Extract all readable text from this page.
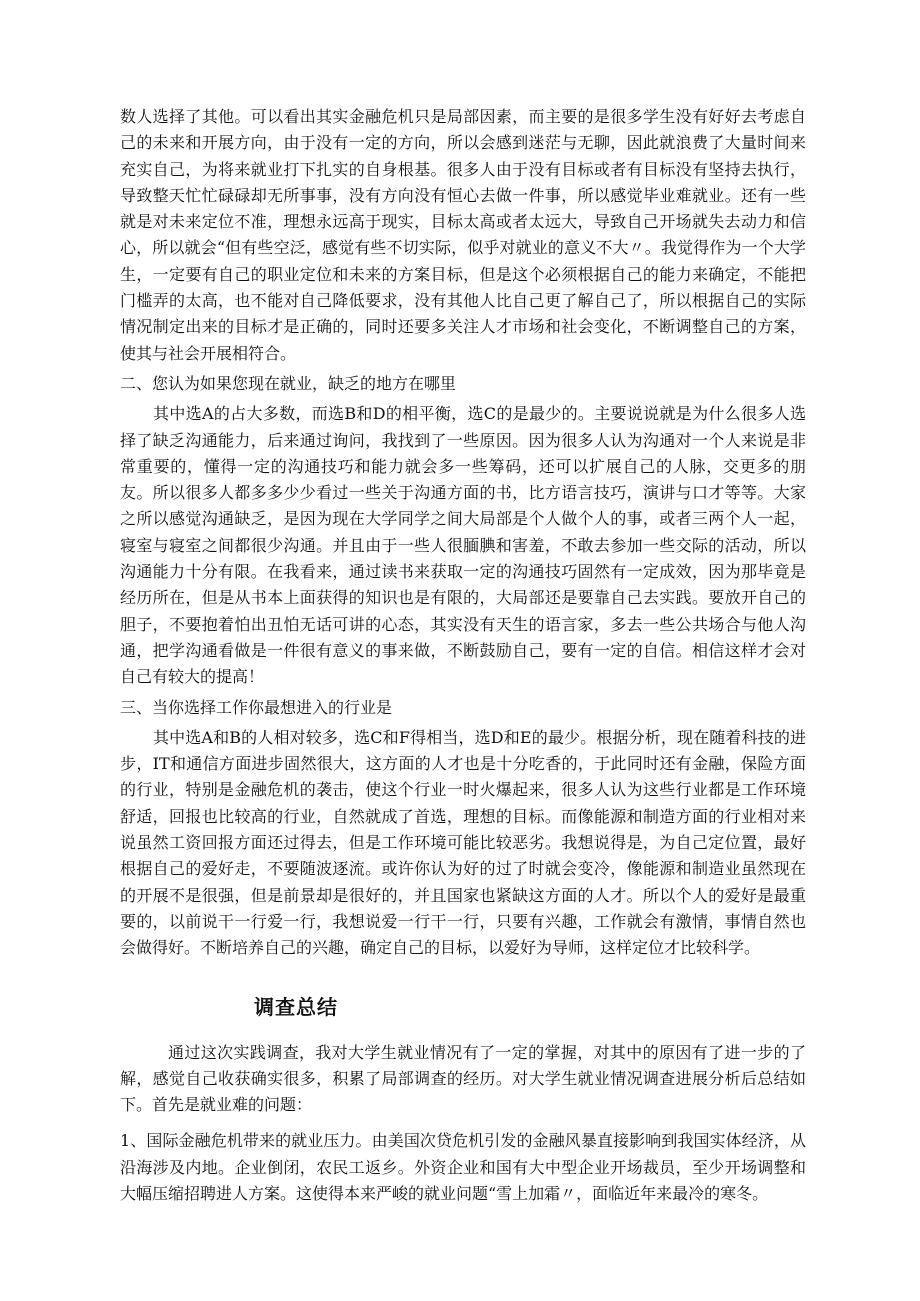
数人选择了其他。可以看出其实金融危机只是局部因素，而主要的是很多学生没有好好去考虑自己的未来和开展方向，由于没有一定的方向，所以会感到迷茫与无聊，因此就浪费了大量时间来充实自己，为将来就业打下扎实的自身根基。很多人由于没有目标或者有目标没有坚持去执行，导致整天忙忙碌碌却无所事事，没有方向没有恒心去做一件事，所以感觉毕业难就业。还有一些就是对未来定位不准，理想永远高于现实，目标太高或者太远大，导致自己开场就失去动力和信心，所以就会“但有些空泛，感觉有些不切实际，似乎对就业的意义不大〃。我觉得作为一个大学生，一定要有自己的职业定位和未来的方案目标，但是这个必须根据自己的能力来确定，不能把门槛弄的太高，也不能对自己降低要求，没有其他人比自己更了解自己了，所以根据自己的实际情况制定出来的目标才是正确的，同时还要多关注人才市场和社会变化，不断调整自己的方案，使其与社会开展相符合。

二、您认为如果您现在就业，缺乏的地方在哪里

其中选A的占大多数，而选B和D的相平衡，选C的是最少的。主要说说就是为什么很多人选择了缺乏沟通能力，后来通过询问，我找到了一些原因。因为很多人认为沟通对一个人来说是非常重要的，懂得一定的沟通技巧和能力就会多一些筹码，还可以扩展自己的人脉，交更多的朋友。所以很多人都多多少少看过一些关于沟通方面的书，比方语言技巧，演讲与口才等等。大家之所以感觉沟通缺乏，是因为现在大学同学之间大局部是个人做个人的事，或者三两个人一起，寝室与寝室之间都很少沟通。并且由于一些人很腼腆和害羞，不敢去参加一些交际的活动，所以沟通能力十分有限。在我看来，通过读书来获取一定的沟通技巧固然有一定成效，因为那毕竟是经历所在，但是从书本上面获得的知识也是有限的，大局部还是要靠自己去实践。要放开自己的胆子，不要抱着怕出丑怕无话可讲的心态，其实没有天生的语言家，多去一些公共场合与他人沟通，把学沟通看做是一件很有意义的事来做，不断鼓励自己，要有一定的自信。相信这样才会对自己有较大的提高！

三、当你选择工作你最想进入的行业是

其中选A和B的人相对较多，选C和F得相当，选D和E的最少。根据分析，现在随着科技的进步，IT和通信方面进步固然很大，这方面的人才也是十分吃香的，于此同时还有金融，保险方面的行业，特别是金融危机的袭击，使这个行业一时火爆起来，很多人认为这些行业都是工作环境舒适，回报也比较高的行业，自然就成了首选，理想的目标。而像能源和制造方面的行业相对来说虽然工资回报方面还过得去，但是工作环境可能比较恶劣。我想说得是，为自己定位置，最好根据自己的爱好走，不要随波逐流。或许你认为好的过了时就会变冷，像能源和制造业虽然现在的开展不是很强，但是前景却是很好的，并且国家也紧缺这方面的人才。所以个人的爱好是最重要的，以前说干一行爱一行，我想说爱一行干一行，只要有兴趣，工作就会有激情，事情自然也会做得好。不断培养自己的兴趣，确定自己的目标，以爱好为导师，这样定位才比较科学。

调查总结

通过这次实践调查，我对大学生就业情况有了一定的掌握，对其中的原因有了进一步的了解，感觉自己收获确实很多，积累了局部调查的经历。对大学生就业情况调查进展分析后总结如下。首先是就业难的问题：

1、国际金融危机带来的就业压力。由美国次贷危机引发的金融风暴直接影响到我国实体经济，从沿海涉及内地。企业倒闭，农民工返乡。外资企业和国有大中型企业开场裁员，至少开场调整和大幅压缩招聘进人方案。这使得本来严峻的就业问题“雪上加霜〃，面临近年来最冷的寒冬。
